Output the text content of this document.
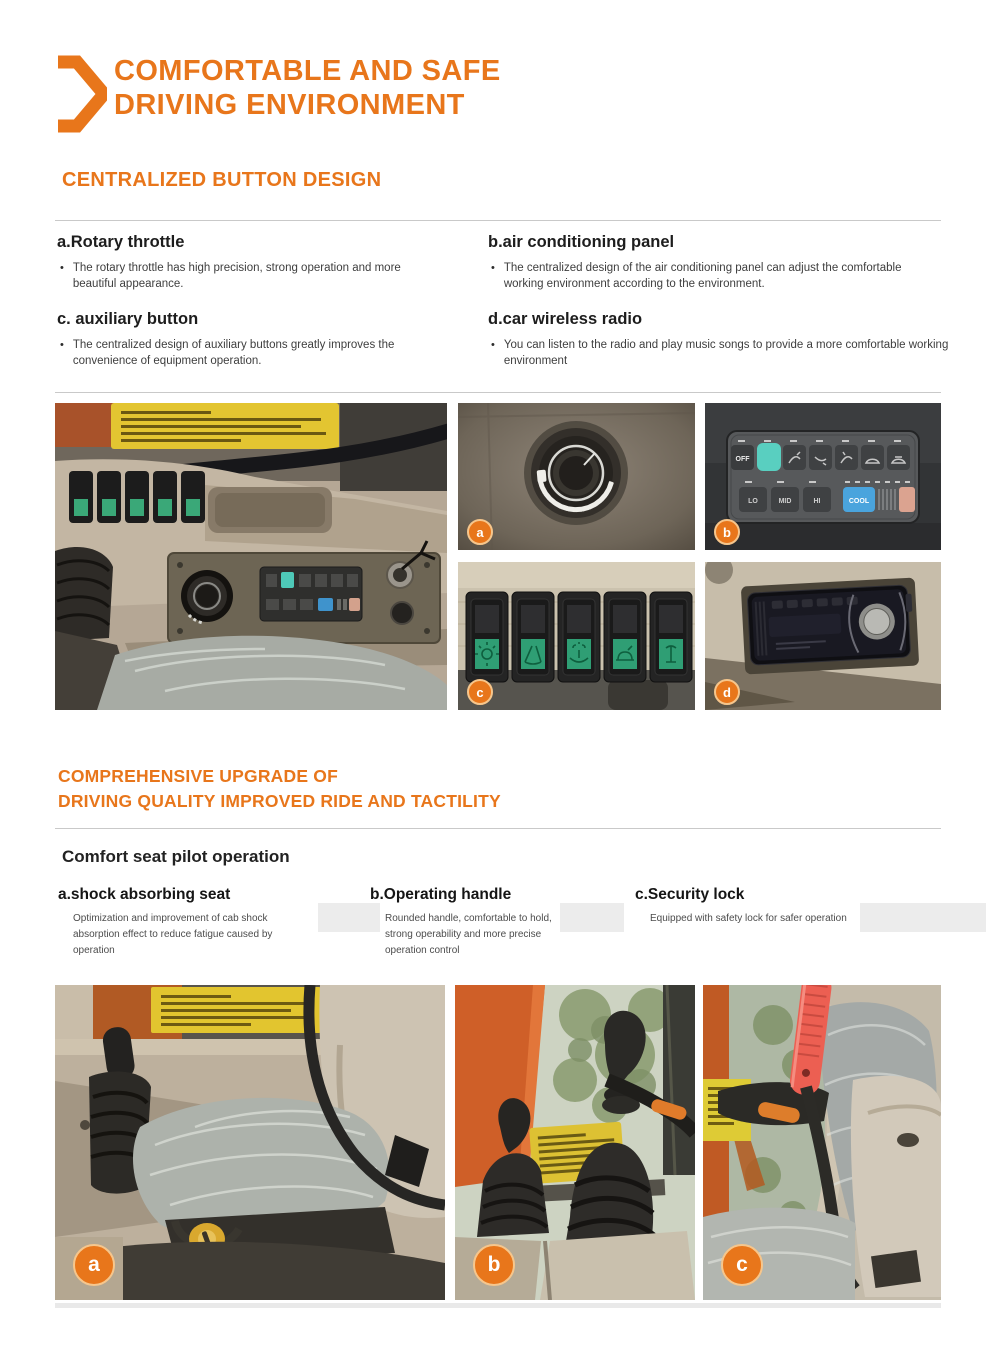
COMFORTABLE AND SAFE
DRIVING ENVIRONMENT
CENTRALIZED BUTTON DESIGN
a.Rotary throttle
• The rotary throttle has high precision, strong operation and more beautiful appearance.
b.air conditioning panel
• The centralized design of the air conditioning panel can adjust the comfortable working environment according to the environment.
c. auxiliary button
• The centralized design of auxiliary buttons greatly improves the convenience of equipment operation.
d.car wireless radio
• You can listen to the radio and play music songs to provide a more comfortable working environment
a
OFF
LO	MID	HI	COOL
b
c	d
COMPREHENSIVE UPGRADE OF
DRIVING QUALITY IMPROVED RIDE AND TACTILITY
Comfort seat pilot operation
a.shock absorbing seat
Optimization and improvement of cab shock absorption effect to reduce fatigue caused by operation
b.Operating handle
Rounded handle, comfortable to hold, strong operability and more precise operation control
c.Security lock
Equipped with safety lock for safer operation
a	b	c
